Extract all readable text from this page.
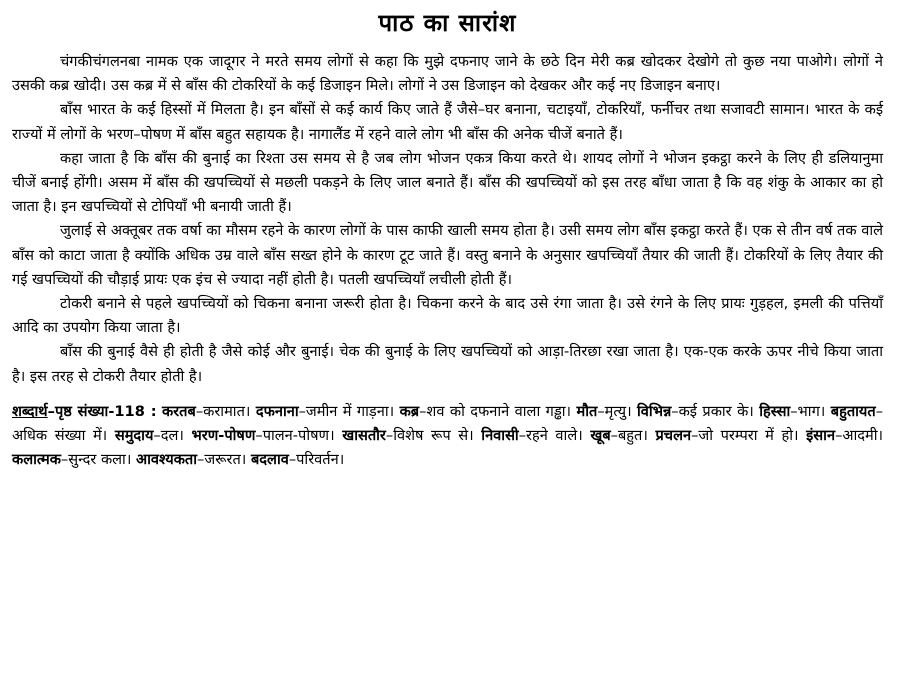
पाठ का सारांश

चंगकीचंगलनबा नामक एक जादूगर ने मरते समय लोगों से कहा कि मुझे दफनाए जाने के छठे दिन मेरी कब्र खोदकर देखोगे तो कुछ नया पाओगे। लोगों ने उसकी कब्र खोदी। उस कब्र में से बाँस की टोकरियों के कई डिजाइन मिले। लोगों ने उस डिजाइन को देखकर और कई नए डिजाइन बनाए।

बाँस भारत के कई हिस्सों में मिलता है। इन बाँसों से कई कार्य किए जाते हैं जैसे–घर बनाना, चटाइयाँ, टोकरियाँ, फर्नीचर तथा सजावटी सामान। भारत के कई राज्यों में लोगों के भरण–पोषण में बाँस बहुत सहायक है। नागालैंड में रहने वाले लोग भी बाँस की अनेक चीजें बनाते हैं।

कहा जाता है कि बाँस की बुनाई का रिश्ता उस समय से है जब लोग भोजन एकत्र किया करते थे। शायद लोगों ने भोजन इकट्ठा करने के लिए ही डलियानुमा चीजें बनाई होंगी। असम में बाँस की खपच्चियों से मछली पकड़ने के लिए जाल बनाते हैं। बाँस की खपच्चियों को इस तरह बाँधा जाता है कि वह शंकु के आकार का हो जाता है। इन खपच्चियों से टोपियाँ भी बनायी जाती हैं।

जुलाई से अक्तूबर तक वर्षा का मौसम रहने के कारण लोगों के पास काफी खाली समय होता है। उसी समय लोग बाँस इकट्ठा करते हैं। एक से तीन वर्ष तक वाले बाँस को काटा जाता है क्योंकि अधिक उम्र वाले बाँस सख्त होने के कारण टूट जाते हैं। वस्तु बनाने के अनुसार खपच्चियाँ तैयार की जाती हैं। टोकरियों के लिए तैयार की गई खपच्चियों की चौड़ाई प्रायः एक इंच से ज्यादा नहीं होती है। पतली खपच्चियाँ लचीली होती हैं।

टोकरी बनाने से पहले खपच्चियों को चिकना बनाना जरूरी होता है। चिकना करने के बाद उसे रंगा जाता है। उसे रंगने के लिए प्रायः गुड़हल, इमली की पत्तियाँ आदि का उपयोग किया जाता है।

बाँस की बुनाई वैसे ही होती है जैसे कोई और बुनाई। चेक की बुनाई के लिए खपच्चियों को आड़ा-तिरछा रखा जाता है। एक-एक करके ऊपर नीचे किया जाता है। इस तरह से टोकरी तैयार होती है।

शब्दार्थ–पृष्ठ संख्या-118 : करतब–करामात। दफनाना–जमीन में गाड़ना। कब्र–शव को दफनाने वाला गड्ढा। मौत–मृत्यु। विभिन्न–कई प्रकार के। हिस्सा–भाग। बहुतायत–अधिक संख्या में। समुदाय–दल। भरण-पोषण–पालन-पोषण। खासतौर–विशेष रूप से। निवासी–रहने वाले। खूब–बहुत। प्रचलन–जो परम्परा में हो। इंसान–आदमी। कलात्मक–सुन्दर कला। आवश्यकता–जरूरत। बदलाव–परिवर्तन।
